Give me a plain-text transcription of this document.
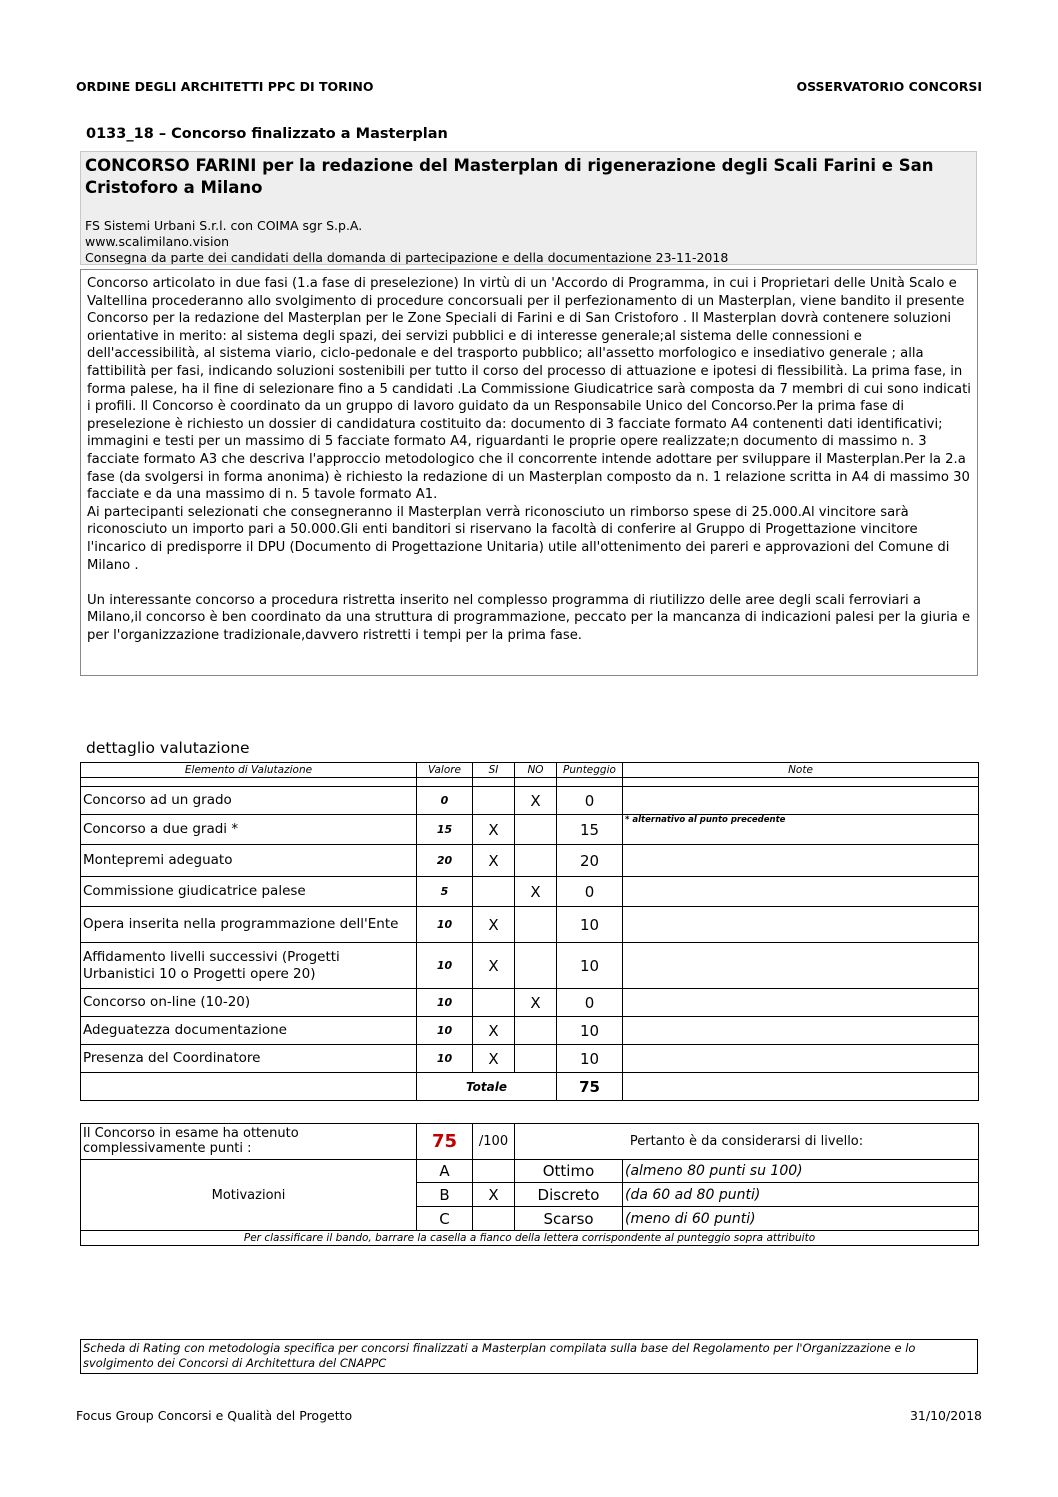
ORDINE DEGLI ARCHITETTI PPC DI TORINO	OSSERVATORIO CONCORSI
0133_18 – Concorso finalizzato a Masterplan
CONCORSO FARINI per la redazione del Masterplan di rigenerazione degli Scali Farini e San Cristoforo a Milano
FS Sistemi Urbani S.r.l. con COIMA sgr S.p.A.
www.scalimilano.vision
Consegna da parte dei candidati della domanda di partecipazione e della documentazione 23-11-2018

Concorso articolato in due fasi (1.a fase di preselezione) In virtù di un 'Accordo di Programma, in cui i Proprietari delle Unità Scalo e Valtellina procederanno allo svolgimento di procedure concorsuali per il perfezionamento di un Masterplan, viene bandito il presente Concorso per la redazione del Masterplan per le Zone Speciali di Farini e di San Cristoforo . Il Masterplan dovrà contenere soluzioni orientative in merito: al sistema degli spazi, dei servizi pubblici e di interesse generale;al sistema delle connessioni e dell'accessibilità, al sistema viario, ciclo-pedonale e del trasporto pubblico; all'assetto morfologico e insediativo generale ; alla fattibilità per fasi, indicando soluzioni sostenibili per tutto il corso del processo di attuazione e ipotesi di flessibilità. La prima fase, in forma palese, ha il fine di selezionare fino a 5 candidati .La Commissione Giudicatrice sarà composta da 7 membri di cui sono indicati i profili. Il Concorso è coordinato da un gruppo di lavoro guidato da un Responsabile Unico del Concorso.Per la prima fase di preselezione è richiesto un dossier di candidatura costituito da: documento di 3 facciate formato A4 contenenti dati identificativi; immagini e testi per un massimo di 5 facciate formato A4, riguardanti le proprie opere realizzate;n documento di massimo n. 3 facciate formato A3 che descriva l'approccio metodologico che il concorrente intende adottare per sviluppare il Masterplan.Per la 2.a fase (da svolgersi in forma anonima) è richiesto la redazione di un Masterplan composto da n. 1 relazione scritta in A4 di massimo 30 facciate e da una massimo di n. 5 tavole formato A1.

Ai partecipanti selezionati che consegneranno il Masterplan verrà riconosciuto un rimborso spese di 25.000.Al vincitore sarà riconosciuto un importo pari a 50.000.Gli enti banditori si riservano la facoltà di conferire al Gruppo di Progettazione vincitore l'incarico di predisporre il DPU (Documento di Progettazione Unitaria) utile all'ottenimento dei pareri e approvazioni del Comune di Milano .

Un interessante concorso a procedura ristretta inserito nel complesso programma di riutilizzo delle aree degli scali ferroviari a Milano,il concorso è ben coordinato da una struttura di programmazione, peccato per la mancanza di indicazioni palesi per la giuria e per l'organizzazione tradizionale,davvero ristretti i tempi per la prima fase.

dettaglio valutazione
Elemento di Valutazione	Valore	SI	NO	Punteggio	Note

Concorso ad un grado	0		X	0	
Concorso a due gradi *	15	X		15	* alternativo al punto precedente
Montepremi adeguato	20	X		20	
Commissione giudicatrice palese	5		X	0	
Opera inserita nella programmazione dell'Ente	10	X		10	
Affidamento livelli successivi (Progetti Urbanistici 10 o Progetti opere 20)	10	X		10	
Concorso on-line (10-20)	10		X	0	
Adeguatezza documentazione	10	X		10	
Presenza del Coordinatore	10	X		10	
	Totale			75	
Il Concorso in esame ha ottenuto complessivamente punti :	75	/100	Pertanto è da considerarsi di livello:	
Motivazioni	A		Ottimo	(almeno 80 punti su 100)
	B	X	Discreto	(da 60 ad 80 punti)
	C		Scarso	(meno di 60 punti)
Per classificare il bando, barrare la casella a fianco della lettera corrispondente al punteggio sopra attribuito				
Scheda di Rating con metodologia specifica per concorsi finalizzati a Masterplan compilata sulla base del Regolamento per l'Organizzazione e lo svolgimento dei Concorsi di Architettura del CNAPPC
Focus Group Concorsi e Qualità del Progetto	31/10/2018
